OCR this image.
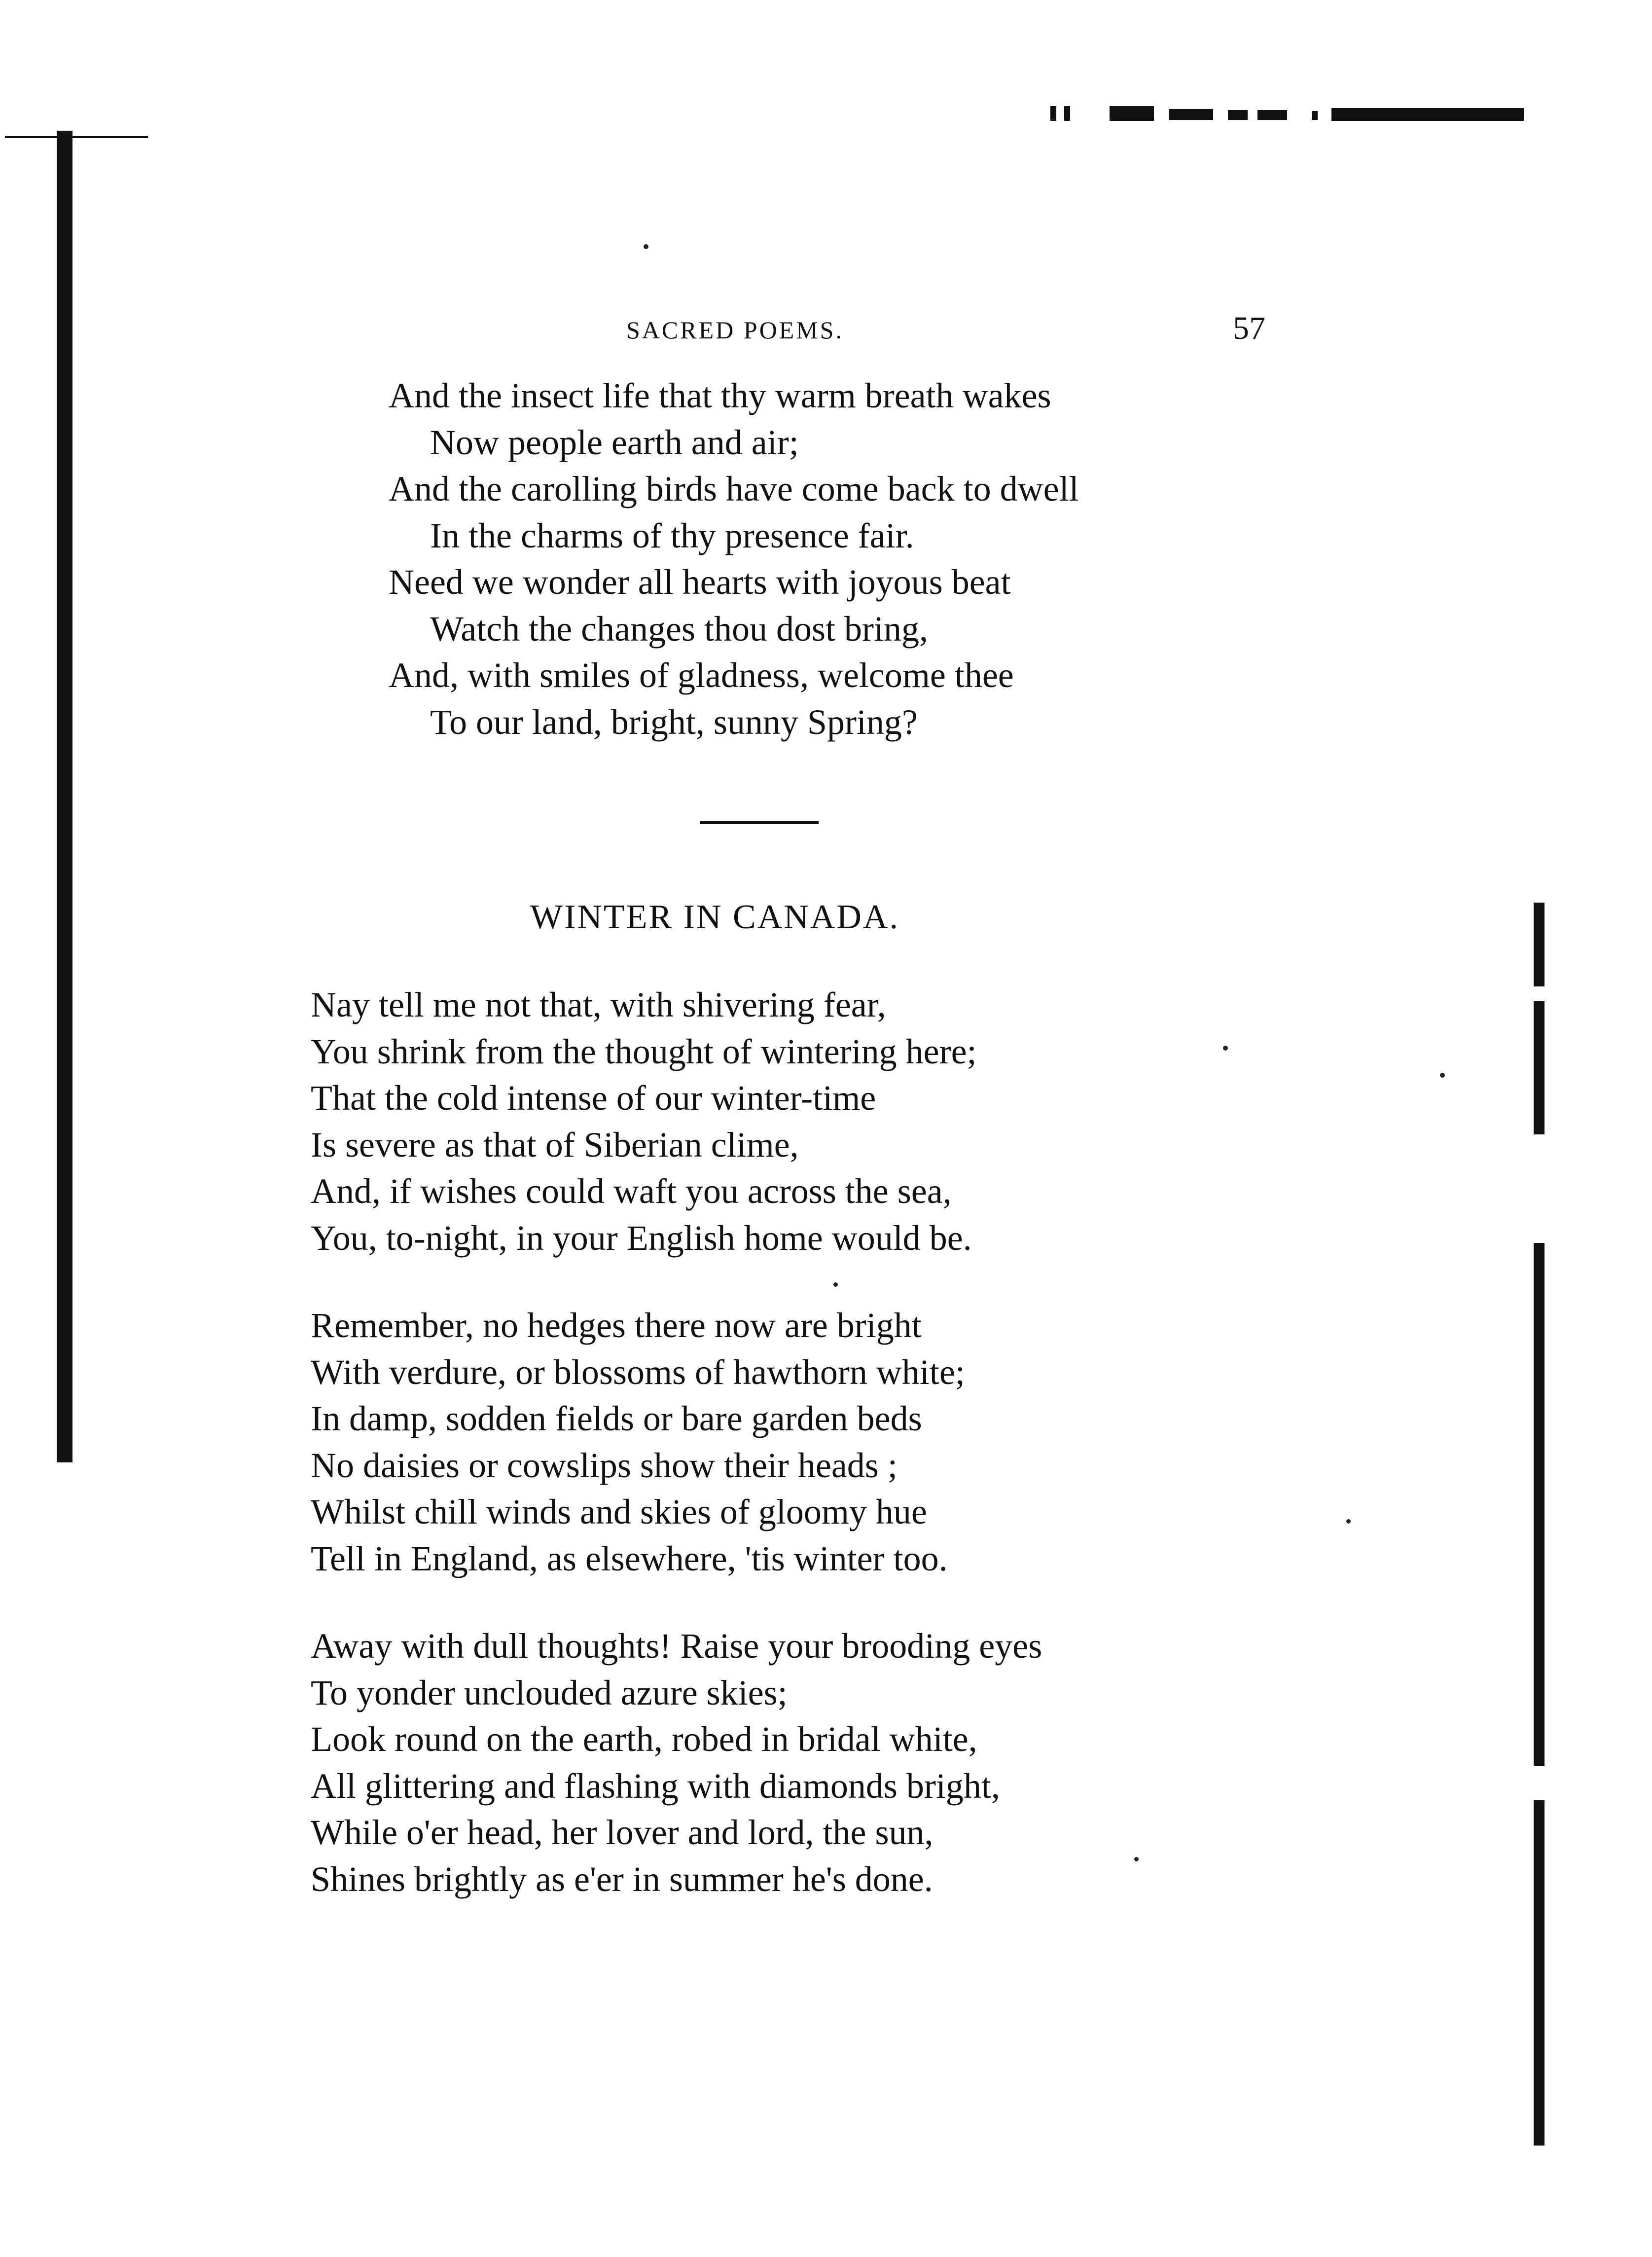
SACRED POEMS.	57
And the insect life that thy warm breath wakes
Now people earth and air;
And the carolling birds have come back to dwell
In the charms of thy presence fair.
Need we wonder all hearts with joyous beat
Watch the changes thou dost bring,
And, with smiles of gladness, welcome thee
To our land, bright, sunny Spring?
WINTER IN CANADA.
Nay tell me not that, with shivering fear,
You shrink from the thought of wintering here;
That the cold intense of our winter-time
Is severe as that of Siberian clime,
And, if wishes could waft you across the sea,
You, to-night, in your English home would be.
Remember, no hedges there now are bright
With verdure, or blossoms of hawthorn white;
In damp, sodden fields or bare garden beds
No daisies or cowslips show their heads ;
Whilst chill winds and skies of gloomy hue
Tell in England, as elsewhere, 'tis winter too.
Away with dull thoughts! Raise your brooding eyes
To yonder unclouded azure skies;
Look round on the earth, robed in bridal white,
All glittering and flashing with diamonds bright,
While o'er head, her lover and lord, the sun,
Shines brightly as e'er in summer he's done.
